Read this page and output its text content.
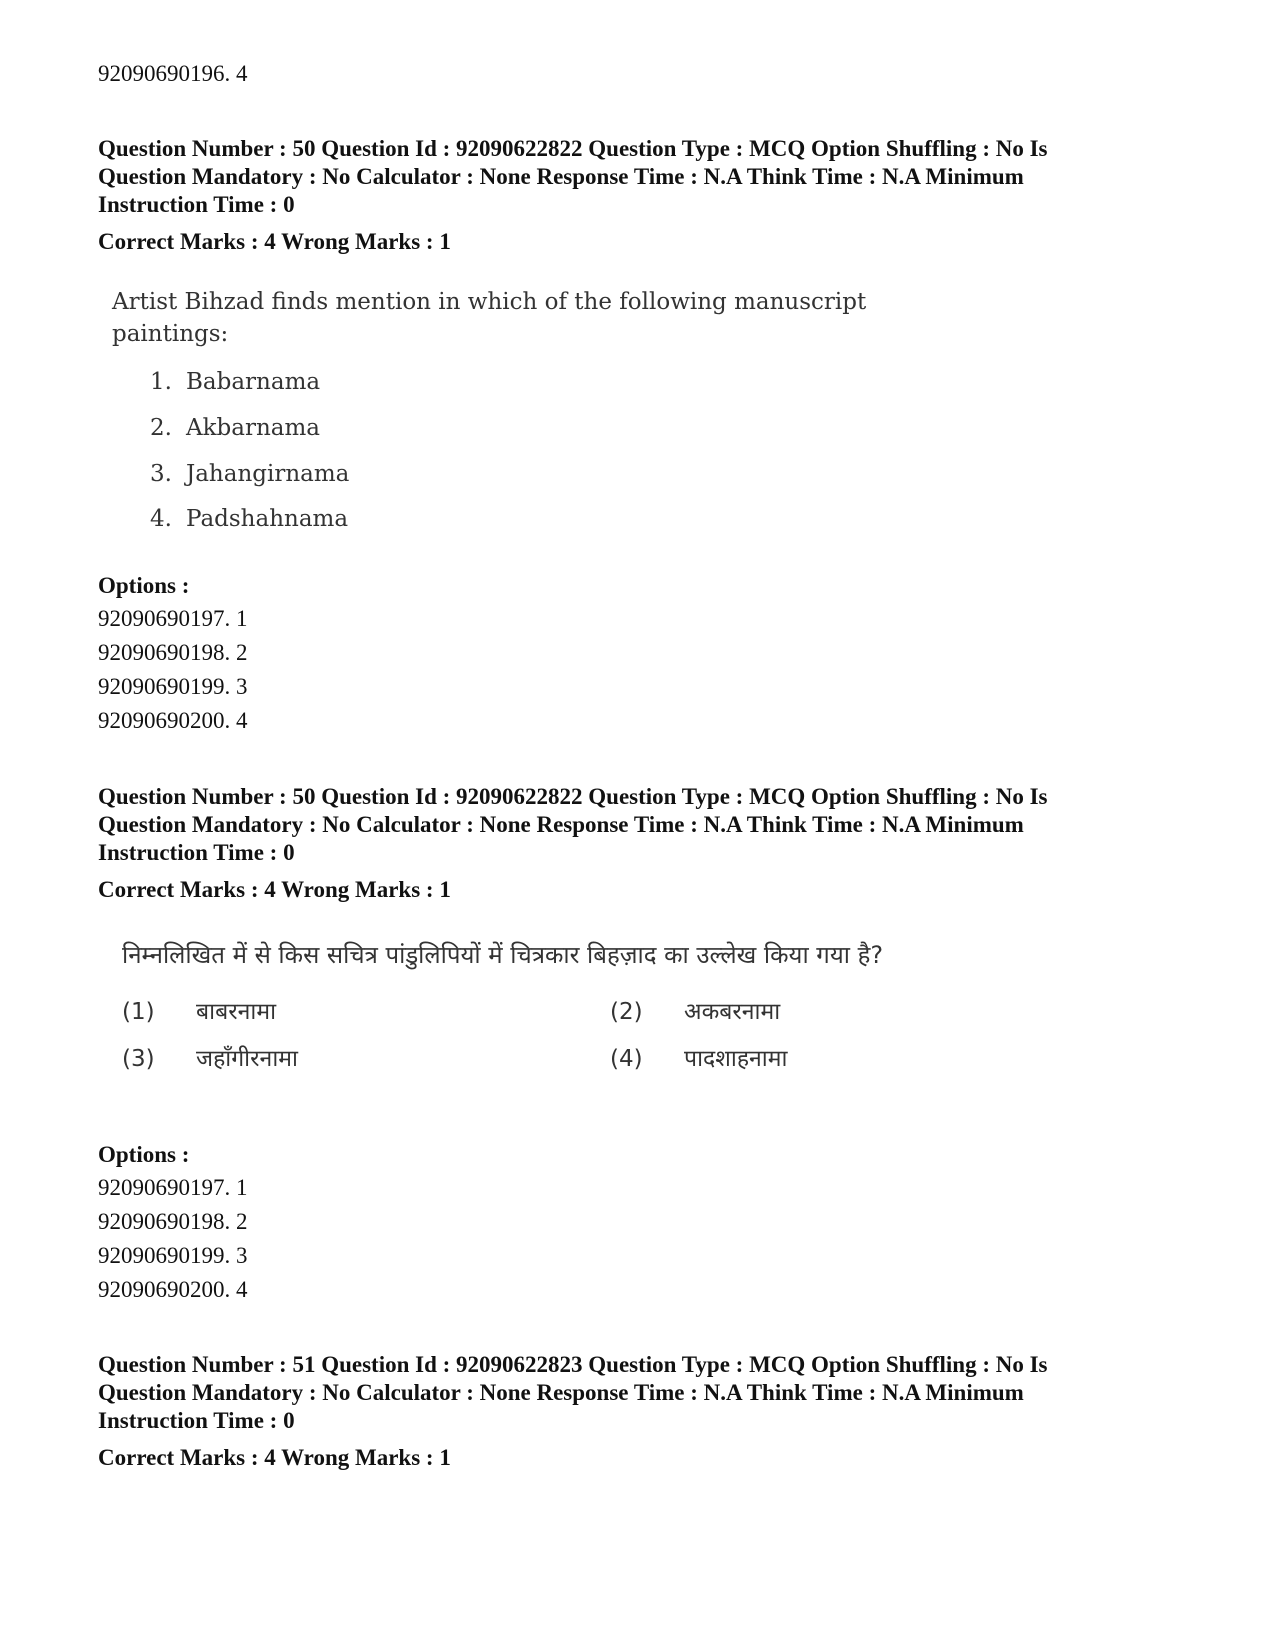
92090690196. 4

Question Number : 50 Question Id : 92090622822 Question Type : MCQ Option Shuffling : No Is

Question Mandatory : No Calculator : None Response Time : N.A Think Time : N.A Minimum

Instruction Time : 0

Correct Marks : 4 Wrong Marks : 1

Artist Bihzad finds mention in which of the following manuscript

paintings:

1. Babarnama
2. Akbarnama
3. Jahangirnama
4. Padshahnama
Options :
92090690197. 1
92090690198. 2
92090690199. 3
92090690200. 4

Question Number : 50 Question Id : 92090622822 Question Type : MCQ Option Shuffling : No Is

Question Mandatory : No Calculator : None Response Time : N.A Think Time : N.A Minimum

Instruction Time : 0

Correct Marks : 4 Wrong Marks : 1
निम्नलिखित में से किस सचित्र पांडुलिपियों में चित्रकार बिहज़ाद का उल्लेख किया गया है?
(1) बाबरनामा	(2) अकबरनामा
(3) जहाँगीरनामा	(4) पादशाहनामा
Options :
92090690197. 1
92090690198. 2
92090690199. 3
92090690200. 4

Question Number : 51 Question Id : 92090622823 Question Type : MCQ Option Shuffling : No Is

Question Mandatory : No Calculator : None Response Time : N.A Think Time : N.A Minimum

Instruction Time : 0

Correct Marks : 4 Wrong Marks : 1
